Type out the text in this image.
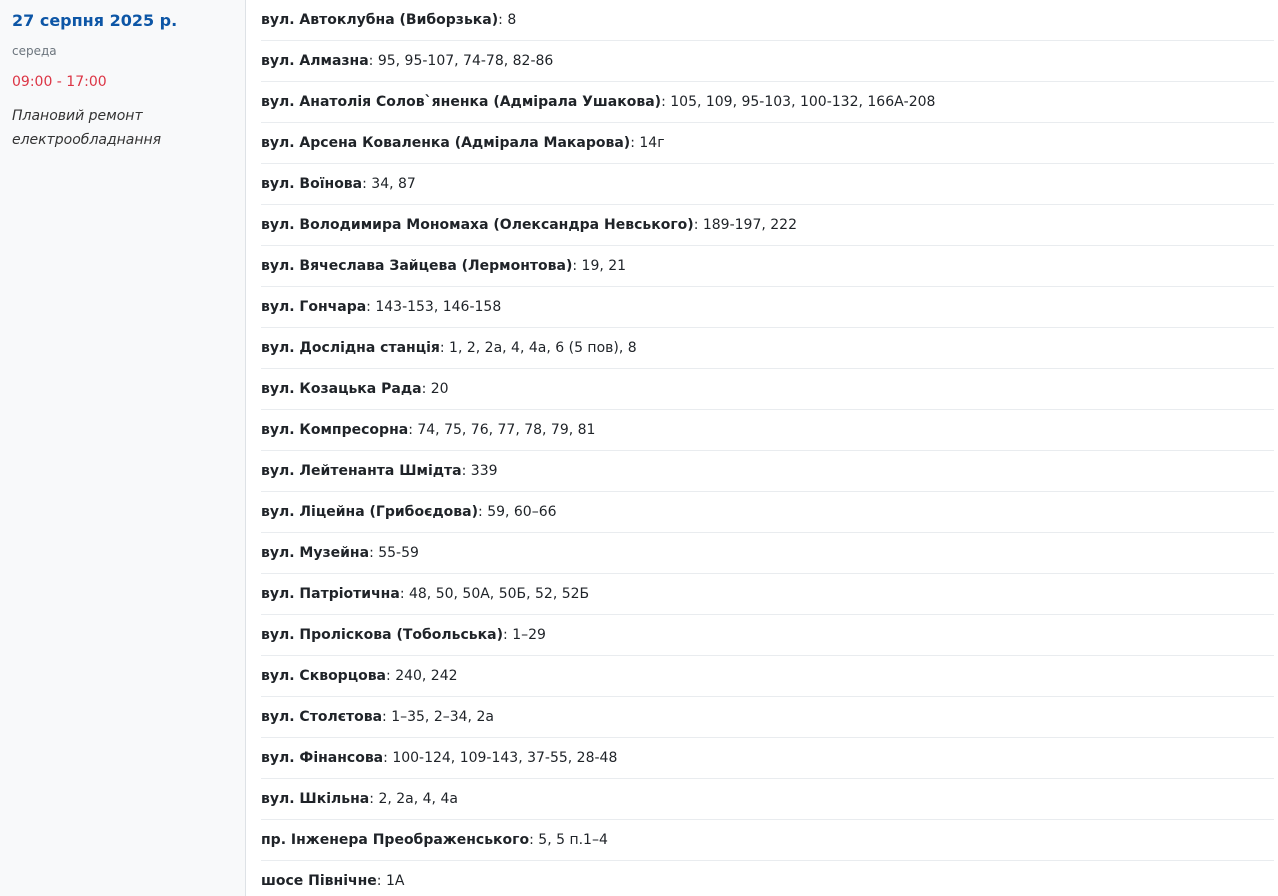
27 серпня 2025 р.
середа
09:00 - 17:00
Плановий ремонт електрообладнання
вул. Автоклубна (Виборзька): 8
вул. Алмазна: 95, 95-107, 74-78, 82-86
вул. Анатолія Солов`яненка (Адмірала Ушакова): 105, 109, 95-103, 100-132, 166А-208
вул. Арсена Коваленка (Адмірала Макарова): 14г
вул. Воїнова: 34, 87
вул. Володимира Мономаха (Олександра Невського): 189-197, 222
вул. Вячеслава Зайцева (Лермонтова): 19, 21
вул. Гончара: 143-153, 146-158
вул. Дослідна станція: 1, 2, 2а, 4, 4а, 6 (5 пов), 8
вул. Козацька Рада: 20
вул. Компресорна: 74, 75, 76, 77, 78, 79, 81
вул. Лейтенанта Шмідта: 339
вул. Ліцейна (Грибоєдова): 59, 60–66
вул. Музейна: 55-59
вул. Патріотична: 48, 50, 50А, 50Б, 52, 52Б
вул. Пролісковa (Тобольська): 1–29
вул. Скворцова: 240, 242
вул. Столєтова: 1–35, 2–34, 2а
вул. Фінансова: 100-124, 109-143, 37-55, 28-48
вул. Шкільна: 2, 2а, 4, 4а
пр. Інженера Преображенського: 5, 5 п.1–4
шосе Північне: 1А
